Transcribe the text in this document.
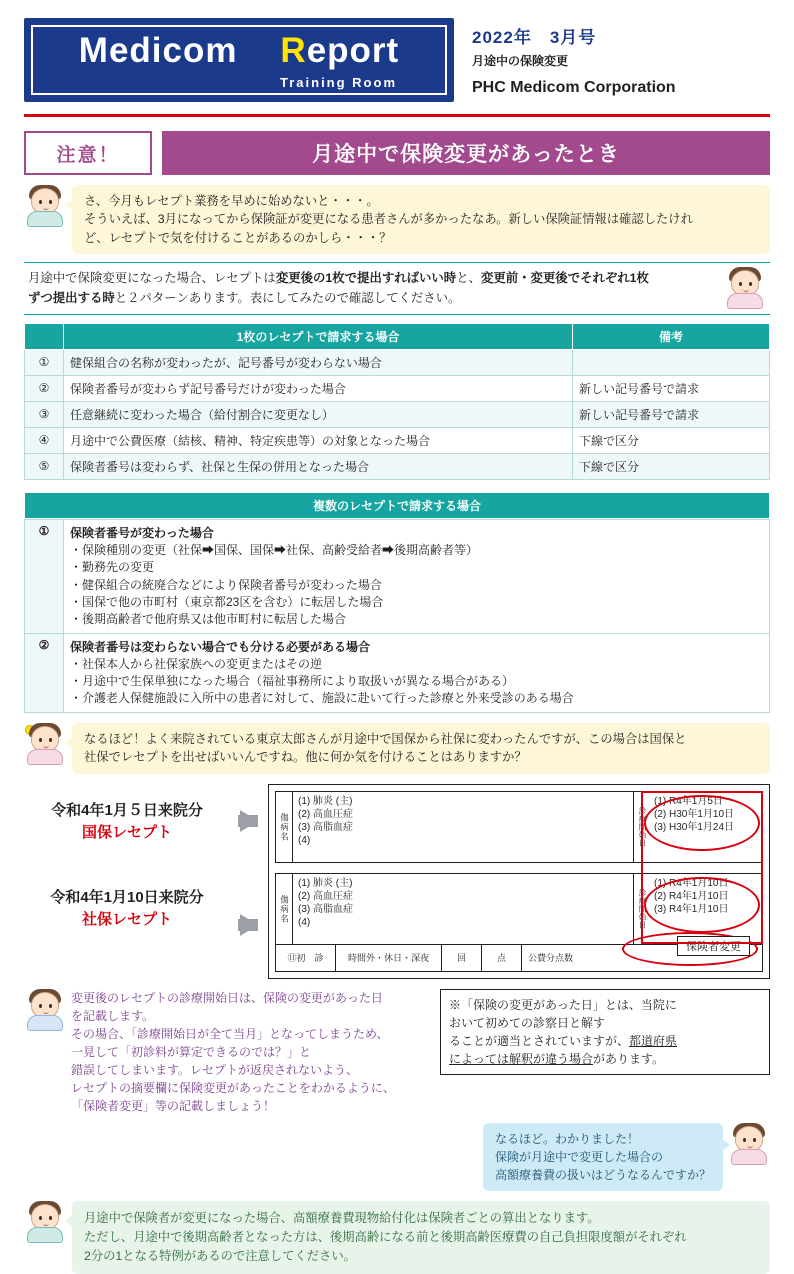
Medicom Report
Training Room
2022年　3月号
月途中の保険変更
PHC Medicom Corporation
注意！	月途中で保険変更があったとき
さ、今月もレセプト業務を早めに始めないと・・・。
そういえば、3月になってから保険証が変更になる患者さんが多かったなあ。新しい保険証情報は確認したけれ
ど、レセプトで気を付けることがあるのかしら・・・？
月途中で保険変更になった場合、レセプトは変更後の1枚で提出すればいい時と、変更前・変更後でそれぞれ1枚
ずつ提出する時と２パターンあります。表にしてみたので確認してください。
	1枚のレセプトで請求する場合	備考
①	健保組合の名称が変わったが、記号番号が変わらない場合	
②	保険者番号が変わらず記号番号だけが変わった場合	新しい記号番号で請求
③	任意継続に変わった場合（給付割合に変更なし）	新しい記号番号で請求
④	月途中で公費医療（結核、精神、特定疾患等）の対象となった場合	下線で区分
⑤	保険者番号は変わらず、社保と生保の併用となった場合	下線で区分
複数のレセプトで請求する場合
①	保険者番号が変わった場合
・保険種別の変更（社保➡国保、国保➡社保、高齢受給者➡後期高齢者等）
・勤務先の変更
・健保組合の統廃合などにより保険者番号が変わった場合
・国保で他の市町村（東京都23区を含む）に転居した場合
・後期高齢者で他府県又は他市町村に転居した場合

②	保険者番号は変わらない場合でも分ける必要がある場合
・社保本人から社保家族への変更またはその逆
・月途中で生保単独になった場合（福祉事務所により取扱いが異なる場合がある）
・介護老人保健施設に入所中の患者に対して、施設に赴いて行った診療と外来受診のある場合
なるほど！よく来院されている東京太郎さんが月途中で国保から社保に変わったんですが、この場合は国保と
社保でレセプトを出せばいいんですね。他に何か気を付けることはありますか？
令和4年1月５日来院分
国保レセプト
令和4年1月10日来院分
社保レセプト
傷病名
(1) 肺炎 (主)
(2) 高血圧症
(3) 高脂血症
(4)	診療開始日
(1) R4年1月5日
(2) H30年1月10日
(3) H30年1月24日
傷病名
(1) 肺炎 (主)
(2) 高血圧症
(3) 高脂血症
(4)	診療開始日
(1) R4年1月10日
(2) R4年1月10日
(3) R4年1月10日
⑪初　診	時間外・休日・深夜	回	点	公費分点数
保険者変更
変更後のレセプトの診療開始日は、保険の変更があった日
を記載します。
その場合、「診療開始日が全て当月」となってしまうため、
一見して「初診料が算定できるのでは？」と
錯誤してしまいます。レセプトが返戻されないよう、
レセプトの摘要欄に保険変更があったことをわかるように、
「保険者変更」等の記載しましょう！
※「保険の変更があった日」とは、当院に
おいて初めての診察日と解す
ることが適当とされていますが、都道府県
によっては解釈が違う場合があります。
なるほど。わかりました！
保険が月途中で変更した場合の
高額療養費の扱いはどうなるんですか？
月途中で保険者が変更になった場合、高額療養費現物給付化は保険者ごとの算出となります。
ただし、月途中で後期高齢者となった方は、後期高齢になる前と後期高齢医療費の自己負担限度額がそれぞれ
2分の1となる特例があるので注意してください。
